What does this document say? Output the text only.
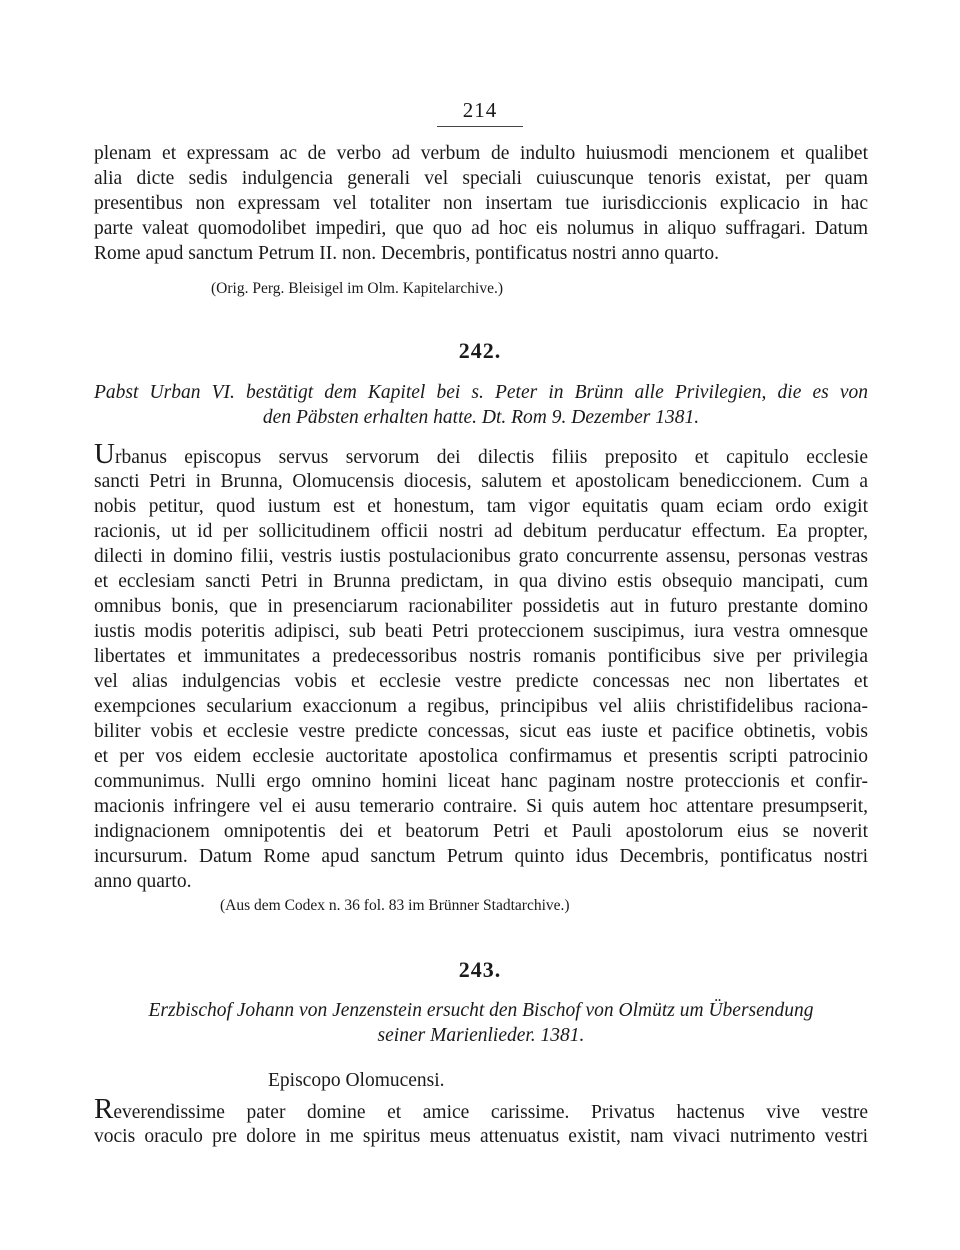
214
plenam et expressam ac de verbo ad verbum de indulto huiusmodi mencionem et qualibet
alia dicte sedis indulgencia generali vel speciali cuiuscunque tenoris existat, per quam
presentibus non expressam vel totaliter non insertam tue iurisdiccionis explicacio in hac
parte valeat quomodolibet impediri, que quo ad hoc eis nolumus in aliquo suffragari. Datum
Rome apud sanctum Petrum II. non. Decembris, pontificatus nostri anno quarto.
(Orig. Perg. Bleisigel im Olm. Kapitelarchive.)
242.
Pabst Urban VI. bestätigt dem Kapitel bei s. Peter in Brünn alle Privilegien, die es von
den Päbsten erhalten hatte. Dt. Rom 9. Dezember 1381.
Urbanus episcopus servus servorum dei dilectis filiis preposito et capitulo ecclesie
sancti Petri in Brunna, Olomucensis diocesis, salutem et apostolicam benediccionem. Cum a
nobis petitur, quod iustum est et honestum, tam vigor equitatis quam eciam ordo exigit
racionis, ut id per sollicitudinem officii nostri ad debitum perducatur effectum. Ea propter,
dilecti in domino filii, vestris iustis postulacionibus grato concurrente assensu, personas vestras
et ecclesiam sancti Petri in Brunna predictam, in qua divino estis obsequio mancipati, cum
omnibus bonis, que in presenciarum racionabiliter possidetis aut in futuro prestante domino
iustis modis poteritis adipisci, sub beati Petri proteccionem suscipimus, iura vestra omnesque
libertates et immunitates a predecessoribus nostris romanis pontificibus sive per privilegia
vel alias indulgencias vobis et ecclesie vestre predicte concessas nec non libertates et
exempciones secularium exaccionum a regibus, principibus vel aliis christifidelibus raciona-
biliter vobis et ecclesie vestre predicte concessas, sicut eas iuste et pacifice obtinetis, vobis
et per vos eidem ecclesie auctoritate apostolica confirmamus et presentis scripti patrocinio
communimus. Nulli ergo omnino homini liceat hanc paginam nostre proteccionis et confir-
macionis infringere vel ei ausu temerario contraire. Si quis autem hoc attentare presumpserit,
indignacionem omnipotentis dei et beatorum Petri et Pauli apostolorum eius se noverit
incursurum. Datum Rome apud sanctum Petrum quinto idus Decembris, pontificatus nostri
anno quarto.
(Aus dem Codex n. 36 fol. 83 im Brünner Stadtarchive.)
243.
Erzbischof Johann von Jenzenstein ersucht den Bischof von Olmütz um Übersendung
seiner Marienlieder. 1381.
Episcopo Olomucensi.
Reverendissime pater domine et amice carissime. Privatus hactenus vive vestre
vocis oraculo pre dolore in me spiritus meus attenuatus existit, nam vivaci nutrimento vestri
